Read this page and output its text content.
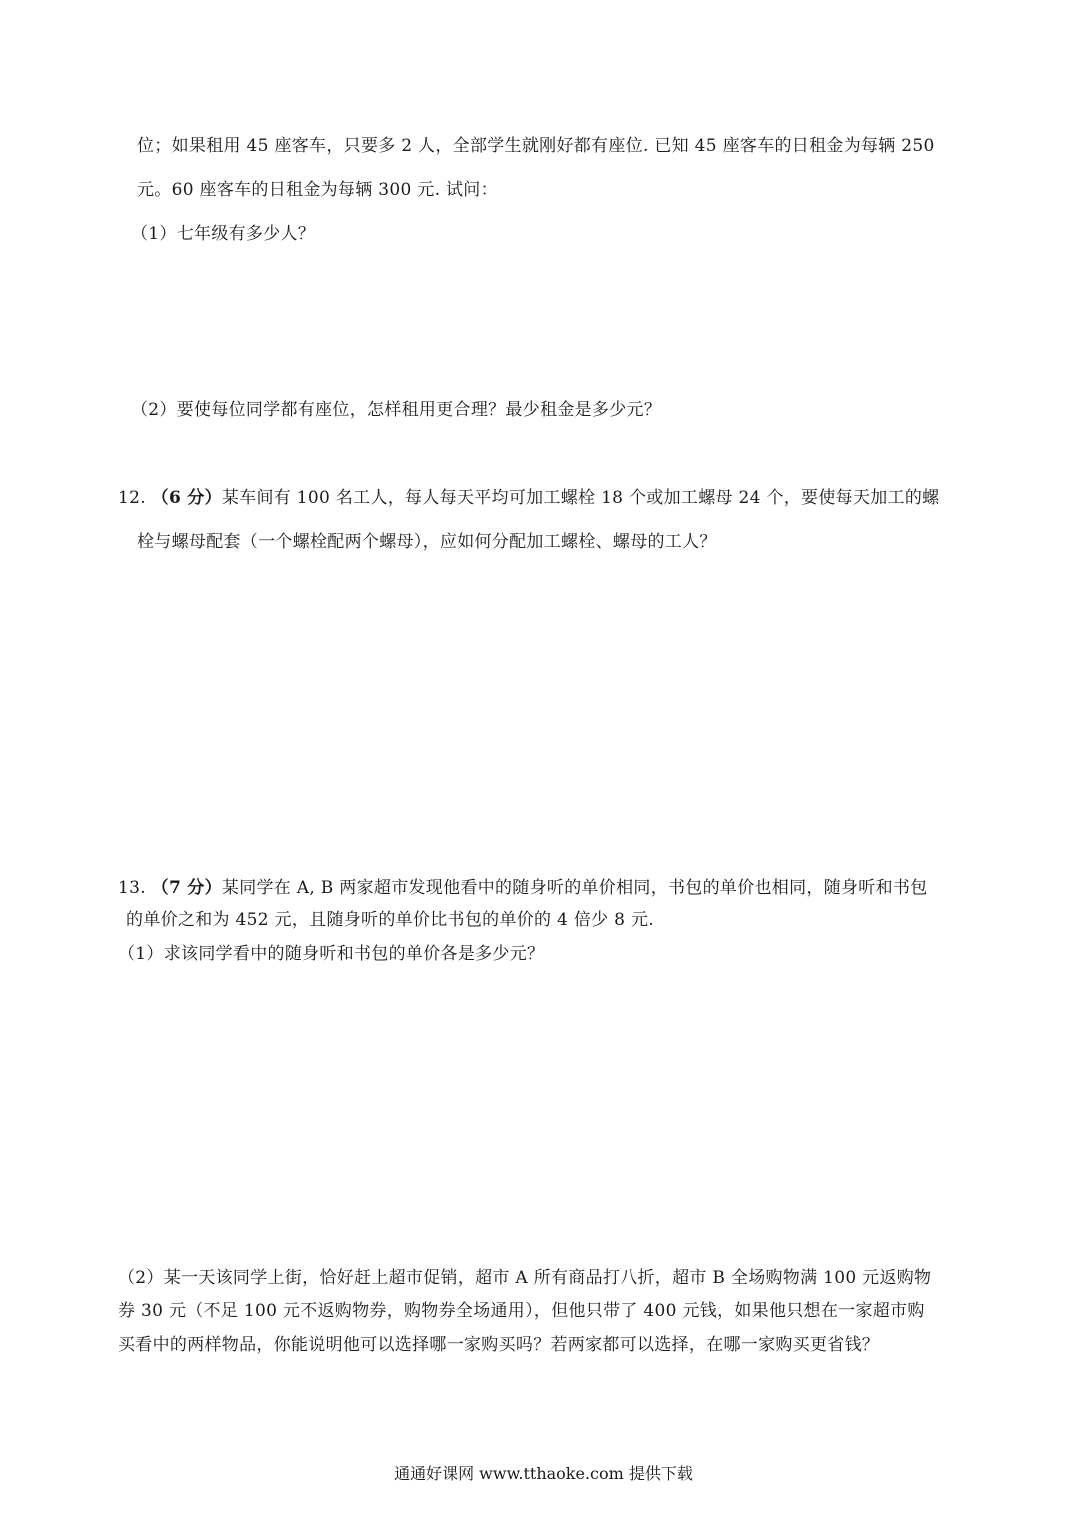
位；如果租用 45 座客车，只要多 2 人，全部学生就刚好都有座位. 已知 45 座客车的日租金为每辆 250
元。60 座客车的日租金为每辆 300 元. 试问：
（1）七年级有多少人？
（2）要使每位同学都有座位，怎样租用更合理？最少租金是多少元？
12. （6 分）某车间有 100 名工人，每人每天平均可加工螺栓 18 个或加工螺母 24 个，要使每天加工的螺
栓与螺母配套（一个螺栓配两个螺母），应如何分配加工螺栓、螺母的工人？
13. （7 分）某同学在 A, B 两家超市发现他看中的随身听的单价相同，书包的单价也相同，随身听和书包
的单价之和为 452 元，且随身听的单价比书包的单价的 4 倍少 8 元.
（1）求该同学看中的随身听和书包的单价各是多少元？
（2）某一天该同学上街，恰好赶上超市促销，超市 A 所有商品打八折，超市 B 全场购物满 100 元返购物
券 30 元（不足 100 元不返购物券，购物券全场通用），但他只带了 400 元钱，如果他只想在一家超市购
买看中的两样物品，你能说明他可以选择哪一家购买吗？若两家都可以选择，在哪一家购买更省钱？
通通好课网 www.tthaoke.com 提供下载
